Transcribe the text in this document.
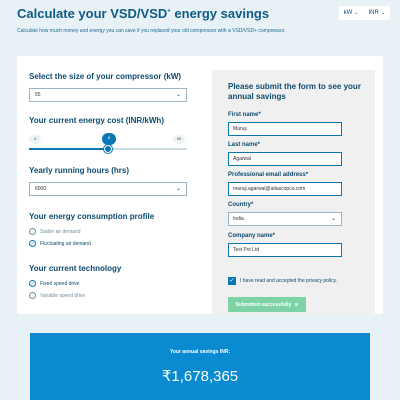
Calculate your VSD/VSD+ energy savings
Calculate how much money and energy you can save if you replaced your old compressor with a VSD/VSD+ compressor.
kW ⌄ INR ⌄
Select the size of your compressor (kW)
55	⌄
Your current energy cost (INR/kWh)
4	8	20
Yearly running hours (hrs)
6000	⌄
Your energy consumption profile
Stable air demand
✓ Fluctuating air demand
Your current technology
✓ Fixed speed drive
Variable speed drive
Please submit the form to see your annual savings
First name*
Manuj
Last name*
Agarwal
Professional email address*
manuj.agarwal@atlascopco.com
Country*
India	⌄
Company name*
Test Pvt Ltd
✓ I have read and accepted the privacy policy.
Submitted successfully ⊘
Your annual savings INR:
₹1,678,365
